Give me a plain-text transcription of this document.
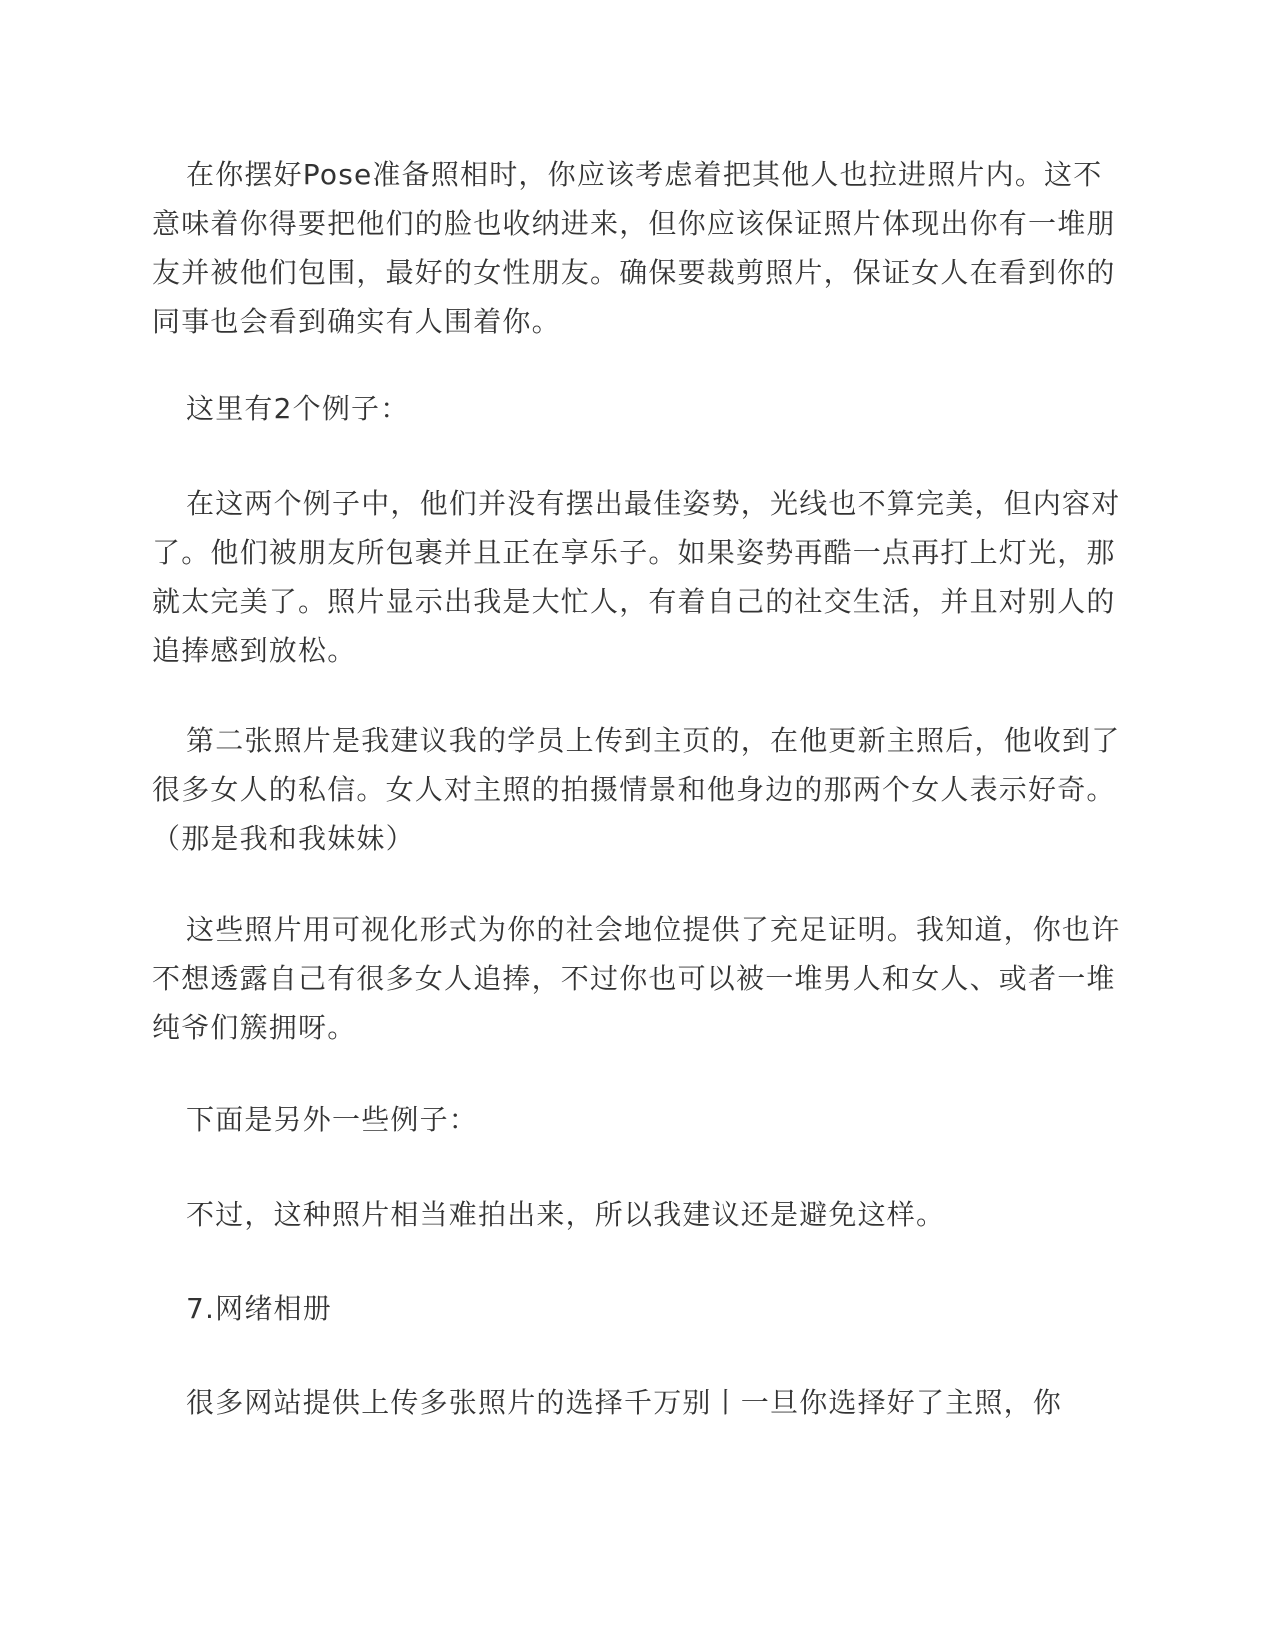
在你摆好Pose准备照相时，你应该考虑着把其他人也拉进照片内。这不意味着你得要把他们的脸也收纳进来，但你应该保证照片体现出你有一堆朋友并被他们包围，最好的女性朋友。确保要裁剪照片，保证女人在看到你的同事也会看到确实有人围着你。

这里有2个例子：

在这两个例子中，他们并没有摆出最佳姿势，光线也不算完美，但内容对了。他们被朋友所包裹并且正在享乐子。如果姿势再酷一点再打上灯光，那就太完美了。照片显示出我是大忙人，有着自己的社交生活，并且对别人的追捧感到放松。

第二张照片是我建议我的学员上传到主页的，在他更新主照后，他收到了很多女人的私信。女人对主照的拍摄情景和他身边的那两个女人表示好奇。（那是我和我妹妹）

这些照片用可视化形式为你的社会地位提供了充足证明。我知道，你也许不想透露自己有很多女人追捧，不过你也可以被一堆男人和女人、或者一堆纯爷们簇拥呀。

下面是另外一些例子：

不过，这种照片相当难拍出来，所以我建议还是避免这样。

7.网绪相册

很多网站提供上传多张照片的选择千万别丨一旦你选择好了主照，你
